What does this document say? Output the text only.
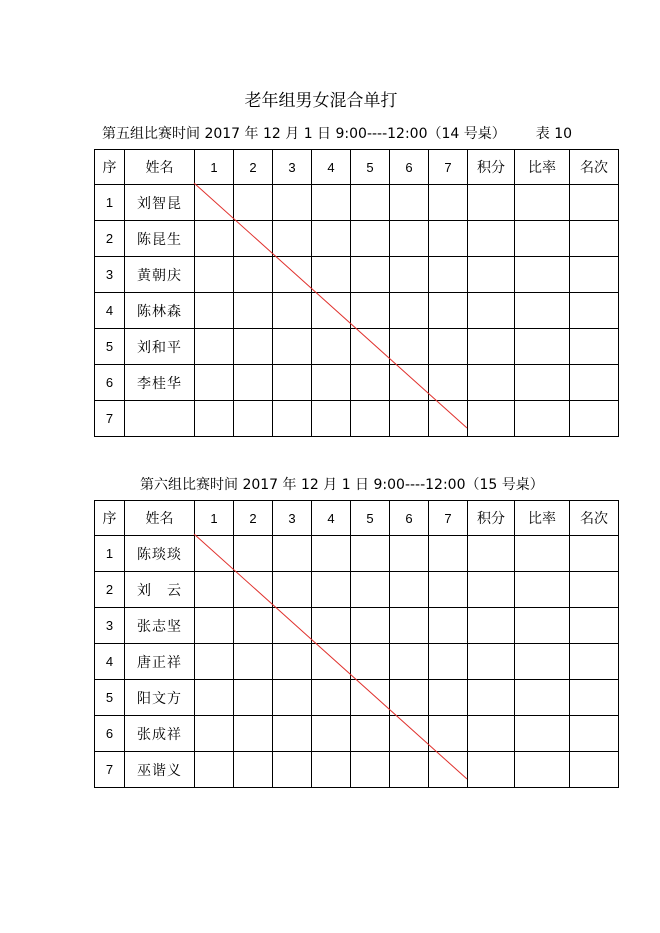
老年组男女混合单打
第五组比赛时间 2017 年 12 月 1 日 9:00----12:00（14 号桌） 表 10
序	姓名	1	2	3	4	5	6	7	积分	比率	名次
1	刘智昆										
2	陈昆生										
3	黄朝庆										
4	陈林森										
5	刘和平										
6	李桂华										
7											
第六组比赛时间 2017 年 12 月 1 日 9:00----12:00（15 号桌）
序	姓名	1	2	3	4	5	6	7	积分	比率	名次
1	陈琰琰										
2	刘　云										
3	张志坚										
4	唐正祥										
5	阳文方										
6	张成祥										
7	巫谐义										
